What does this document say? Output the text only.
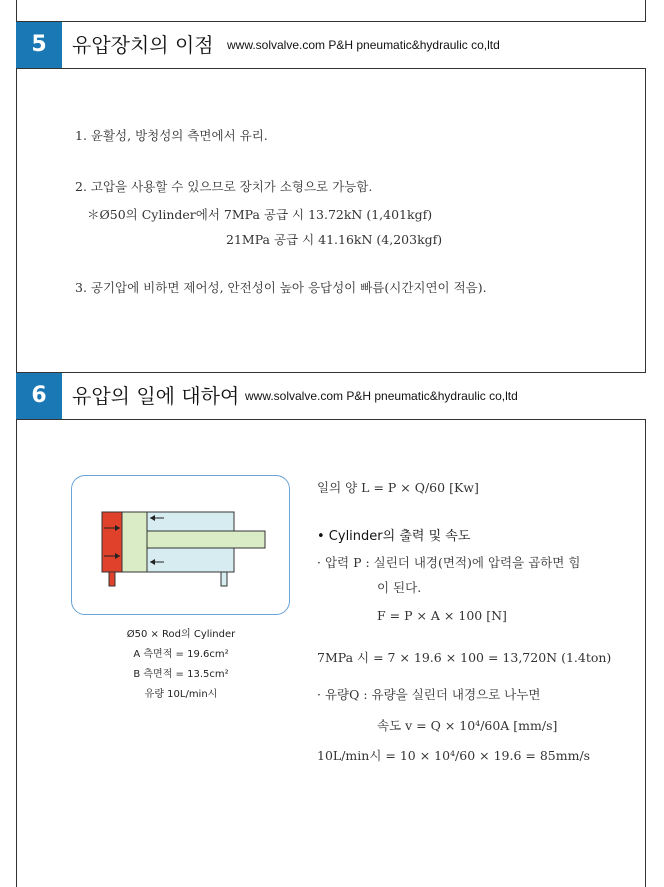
5	유압장치의 이점 www.solvalve.com P&H pneumatic&hydraulic co,ltd
1. 윤활성, 방청성의 측면에서 유리.
2. 고압을 사용할 수 있으므로 장치가 소형으로 가능함.
＊Ø50의 Cylinder에서 7MPa 공급 시 13.72kN (1,401kgf)
21MPa 공급 시 41.16kN (4,203kgf)
3. 공기압에 비하면 제어성, 안전성이 높아 응답성이 빠름(시간지연이 적음).
6	유압의 일에 대하여 www.solvalve.com P&H pneumatic&hydraulic co,ltd
Ø50 × Rod의 Cylinder
A 측면적 = 19.6cm²
B 측면적 = 13.5cm²
유량 10L/min시
일의 양 L = P × Q/60 [Kw]
• Cylinder의 출력 및 속도
· 압력 P : 실린더 내경(면적)에 압력을 곱하면 힘
이 된다.
F = P × A × 100 [N]
7MPa 시 = 7 × 19.6 × 100 = 13,720N (1.4ton)
· 유량Q : 유량을 실린더 내경으로 나누면
속도 v = Q × 10⁴/60A [mm/s]
10L/min시 = 10 × 10⁴/60 × 19.6 = 85mm/s
